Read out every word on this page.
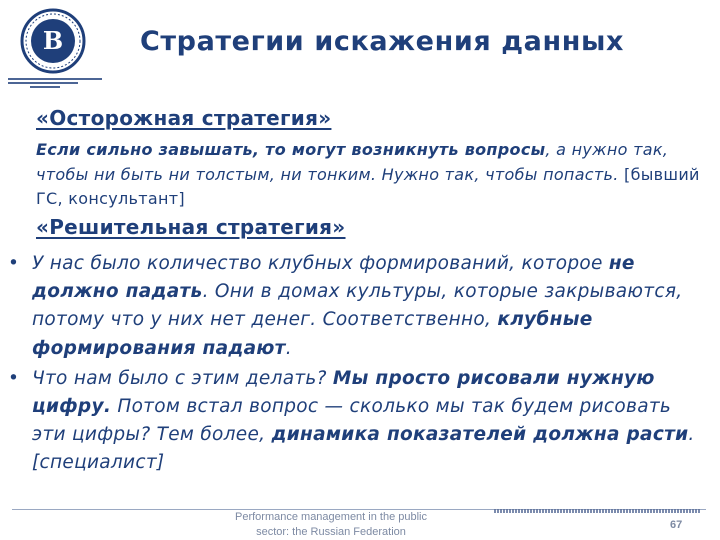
В	Стратегии искажения данных
«Осторожная стратегия»

Если сильно завышать, то могут возникнуть вопросы, а нужно так, чтобы ни быть ни толстым, ни тонким. Нужно так, чтобы попасть. [бывший ГС, консультант]

«Решительная стратегия»
• У нас было количество клубных формирований, которое не должно падать. Они в домах культуры, которые закрываются, потому что у них нет денег. Соответственно, клубные формирования падают.
• Что нам было с этим делать? Мы просто рисовали нужную цифру. Потом встал вопрос — сколько мы так будем рисовать эти цифры? Тем более, динамика показателей должна расти. [специалист]
Performance management in the public sector: the Russian Federation
67
